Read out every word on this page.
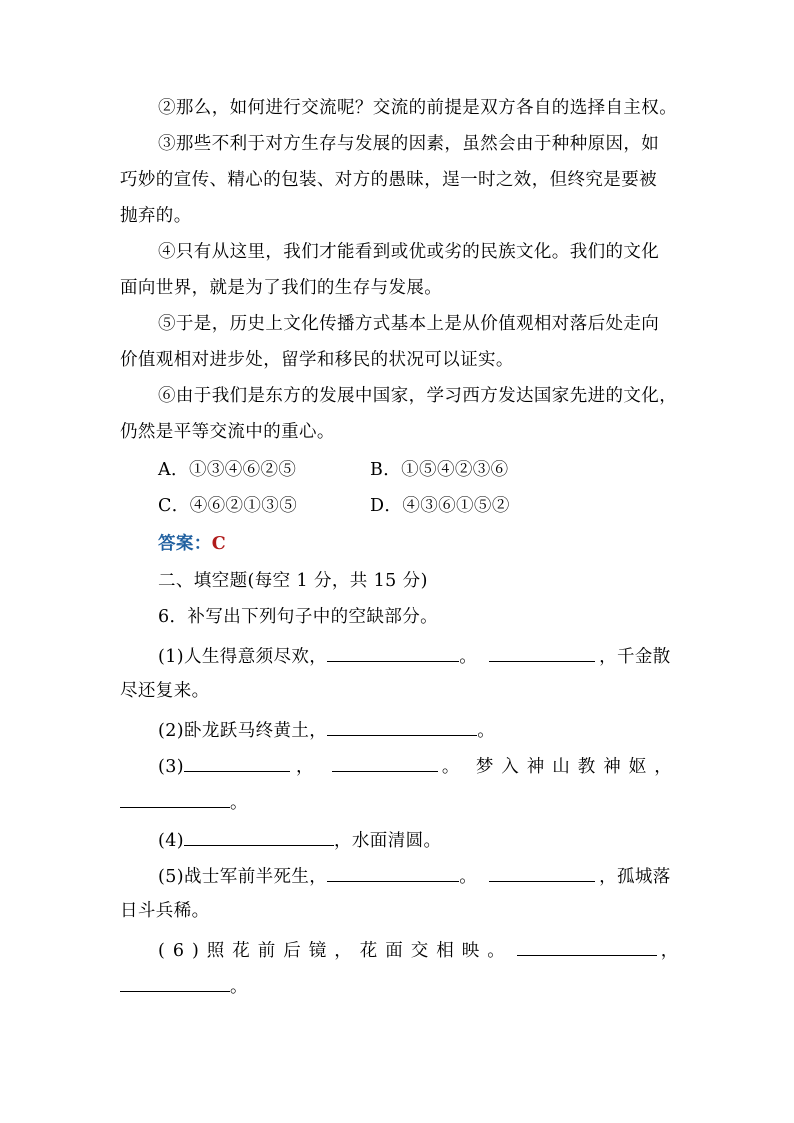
②那么，如何进行交流呢？交流的前提是双方各自的选择自主权。
③那些不利于对方生存与发展的因素，虽然会由于种种原因，如
巧妙的宣传、精心的包装、对方的愚昧，逞一时之效，但终究是要被
抛弃的。
④只有从这里，我们才能看到或优或劣的民族文化。我们的文化
面向世界，就是为了我们的生存与发展。
⑤于是，历史上文化传播方式基本上是从价值观相对落后处走向
价值观相对进步处，留学和移民的状况可以证实。
⑥由于我们是东方的发展中国家，学习西方发达国家先进的文化，
仍然是平等交流中的重心。
A．①③④⑥②⑤	B．①⑤④②③⑥
C．④⑥②①③⑤	D．④③⑥①⑤②
答案：C
二、填空题(每空 1 分，共 15 分)
6．补写出下列句子中的空缺部分。
(1)人生得意须尽欢，	。	，千金散
尽还复来。
(2)卧龙跃马终黄土，	。
(3)	，	。 梦入神山教神妪，
。
(4)	，水面清圆。
(5)战士军前半死生，	。	，孤城落
日斗兵稀。
(6)照花前后镜，花面交相映。	，
。
